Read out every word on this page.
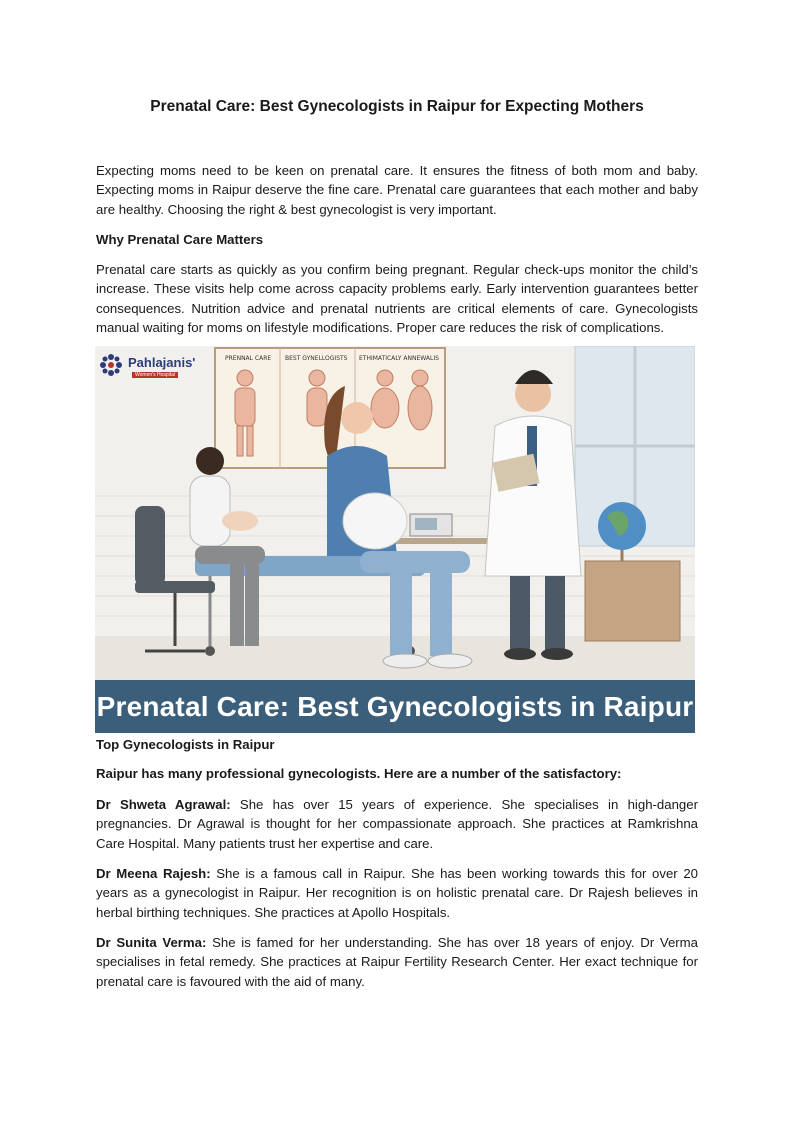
Prenatal Care: Best Gynecologists in Raipur for Expecting Mothers

Expecting moms need to be keen on prenatal care. It ensures the fitness of both mom and baby. Expecting moms in Raipur deserve the fine care. Prenatal care guarantees that each mother and baby are healthy. Choosing the right & best gynecologist is very important.

Why Prenatal Care Matters

Prenatal care starts as quickly as you confirm being pregnant. Regular check-ups monitor the child’s increase. These visits help come across capacity problems early. Early intervention guarantees better consequences. Nutrition advice and prenatal nutrients are critical elements of care. Gynecologists manual waiting for moms on lifestyle modifications. Proper care reduces the risk of complications.

PRENNAL CARE BEST GYNELLOGISTS ETHIMATICALY ANNEWALIS
Pahlajanis'
Women's Hospital
Prenatal Care: Best Gynecologists in Raipur

Top Gynecologists in Raipur

Raipur has many professional gynecologists. Here are a number of the satisfactory:

Dr Shweta Agrawal: She has over 15 years of experience. She specialises in high-danger pregnancies. Dr Agrawal is thought for her compassionate approach. She practices at Ramkrishna Care Hospital. Many patients trust her expertise and care.

Dr Meena Rajesh: She is a famous call in Raipur. She has been working towards this for over 20 years as a gynecologist in Raipur. Her recognition is on holistic prenatal care. Dr Rajesh believes in herbal birthing techniques. She practices at Apollo Hospitals.

Dr Sunita Verma: She is famed for her understanding. She has over 18 years of enjoy. Dr Verma specialises in fetal remedy. She practices at Raipur Fertility Research Center. Her exact technique for prenatal care is favoured with the aid of many.
